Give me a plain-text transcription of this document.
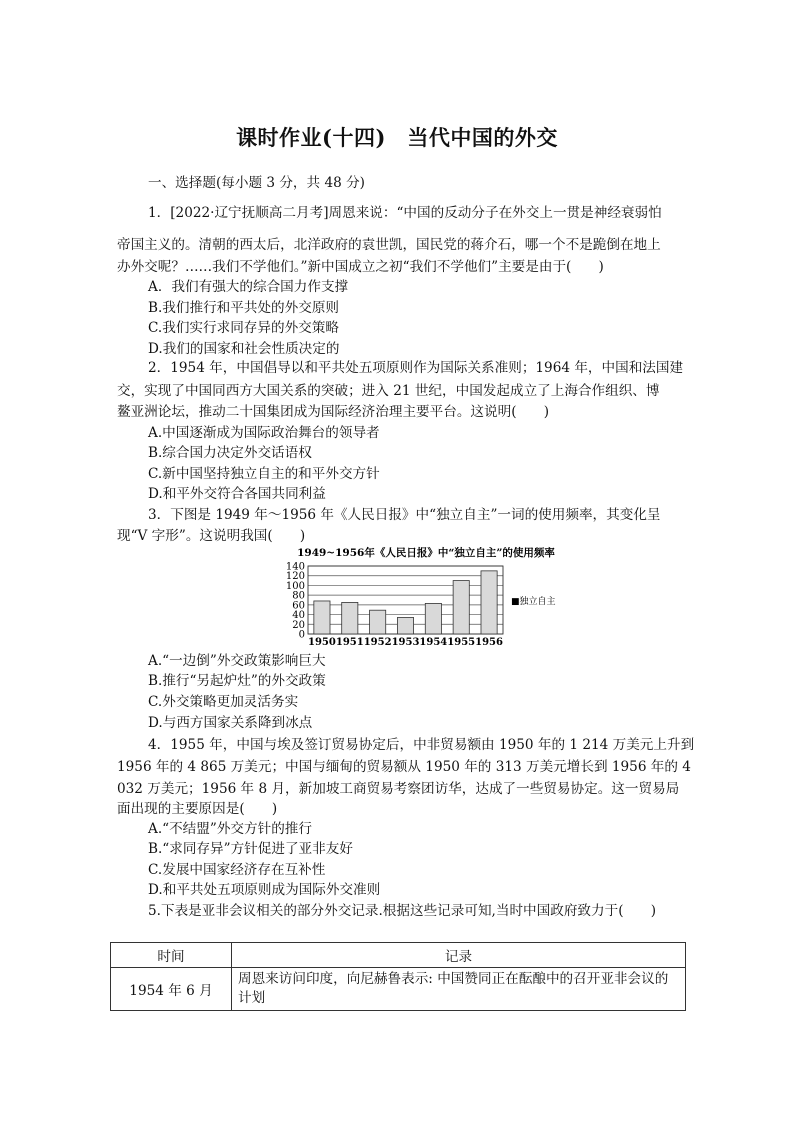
课时作业(十四)　当代中国的外交
一、选择题(每小题 3 分，共 48 分)
1．[2022·辽宁抚顺高二月考]周恩来说：“中国的反动分子在外交上一贯是神经衰弱怕
帝国主义的。清朝的西太后，北洋政府的袁世凯，国民党的蒋介石，哪一个不是跪倒在地上
办外交呢？……我们不学他们。”新中国成立之初“我们不学他们”主要是由于(　　)
A．我们有强大的综合国力作支撑
B.我们推行和平共处的外交原则
C.我们实行求同存异的外交策略
D.我们的国家和社会性质决定的
2．1954 年，中国倡导以和平共处五项原则作为国际关系准则；1964 年，中国和法国建
交，实现了中国同西方大国关系的突破；进入 21 世纪，中国发起成立了上海合作组织、博
鳌亚洲论坛，推动二十国集团成为国际经济治理主要平台。这说明(　　)
A.中国逐渐成为国际政治舞台的领导者
B.综合国力决定外交话语权
C.新中国坚持独立自主的和平外交方针
D.和平外交符合各国共同利益
3．下图是 1949 年～1956 年《人民日报》中“独立自主”一词的使用频率，其变化呈
现“V 字形”。这说明我国(　　)
1949~1956年《人民日报》中“独立自主”的使用频率
140
120
100
80
60
40
20
0
1950 1951 1952 1953 1954 1955 1956
■独立自主
A.“一边倒”外交政策影响巨大
B.推行“另起炉灶”的外交政策
C.外交策略更加灵活务实
D.与西方国家关系降到冰点
4．1955 年，中国与埃及签订贸易协定后，中非贸易额由 1950 年的 1 214 万美元上升到
1956 年的 4 865 万美元；中国与缅甸的贸易额从 1950 年的 313 万美元增长到 1956 年的 4
032 万美元；1956 年 8 月，新加坡工商贸易考察团访华，达成了一些贸易协定。这一贸易局
面出现的主要原因是(　　)
A.“不结盟”外交方针的推行
B.“求同存异”方针促进了亚非友好
C.发展中国家经济存在互补性
D.和平共处五项原则成为国际外交准则
5.下表是亚非会议相关的部分外交记录.根据这些记录可知,当时中国政府致力于(　　)
时间	记录
1954 年 6 月	周恩来访问印度，向尼赫鲁表示: 中国赞同正在酝酿中的召开亚非会议的
计划
